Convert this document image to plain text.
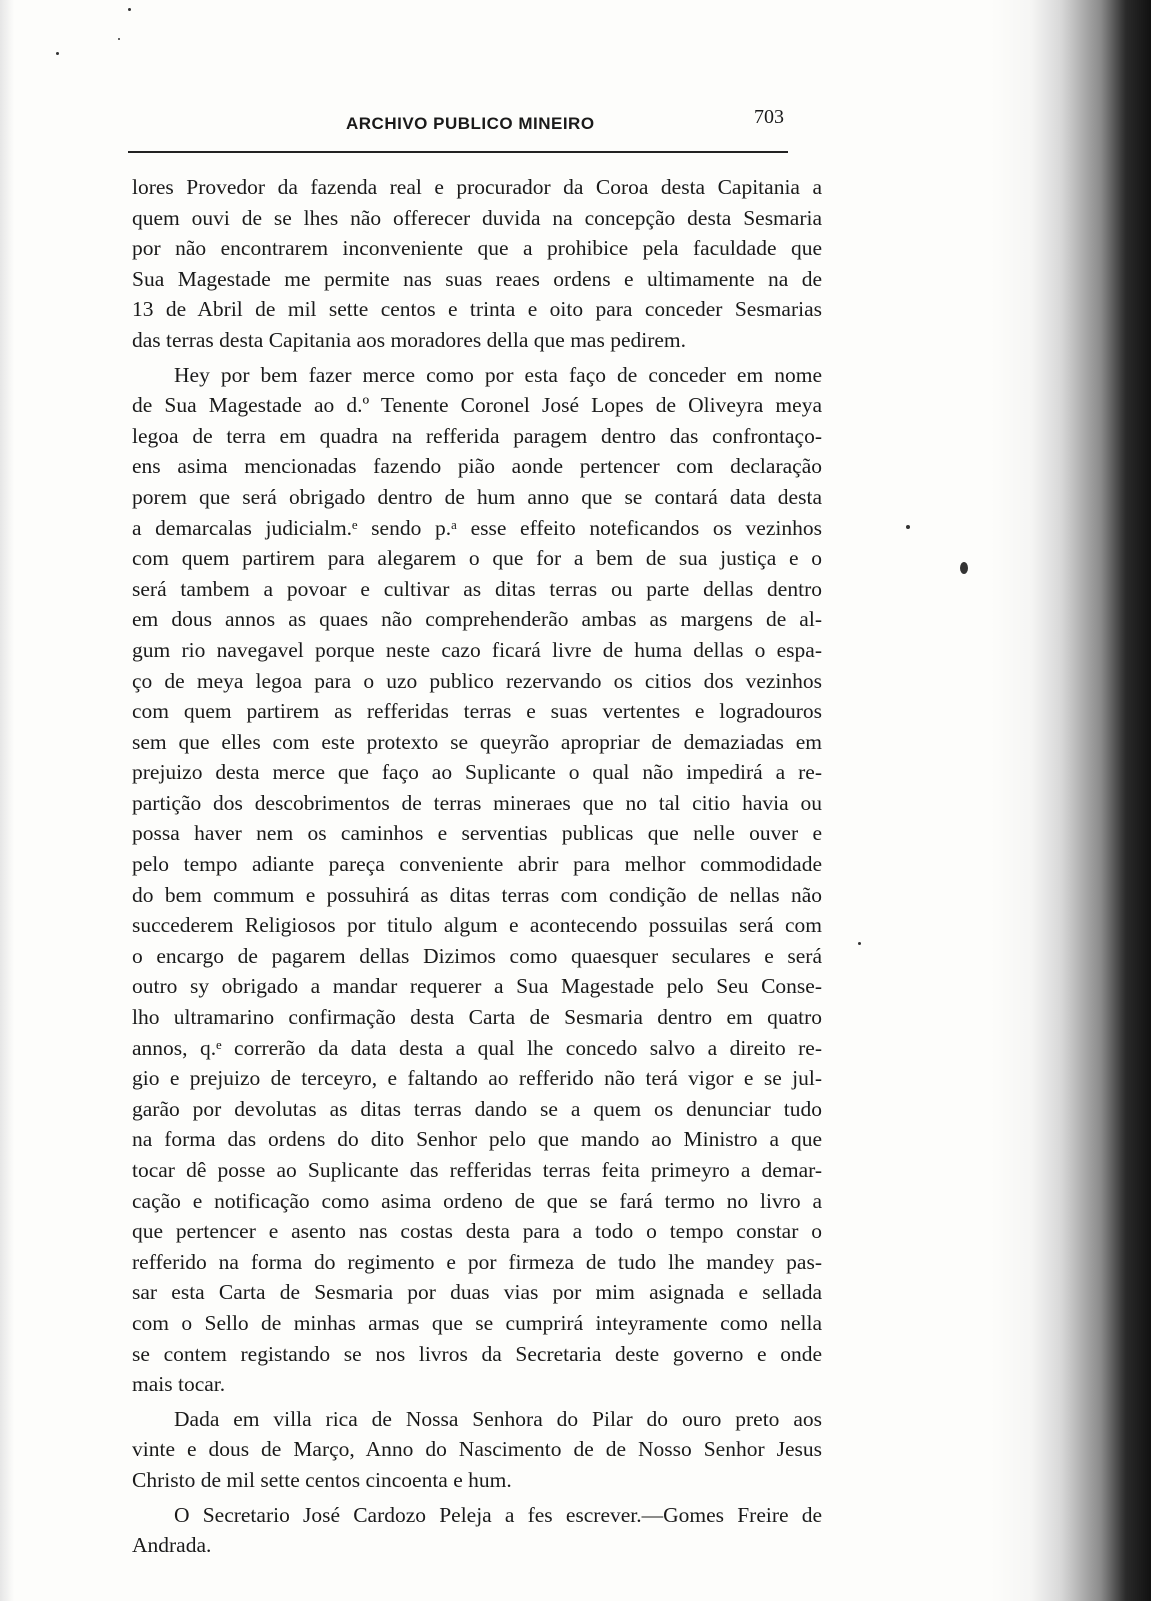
ARCHIVO PUBLICO MINEIRO	703
lores Provedor da fazenda real e procurador da Corоa desta Capitania a
quem ouvi de se lhes não offerecer duvida na concepção desta Sesmaria
por não encontrarem inconveniente que a prohibice pela faculdade que
Sua Magestade me permite nas suas reaes ordens e ultimamente na de
13 de Abril de mil sette centos e trinta e oito para conceder Sesmarias
das terras desta Capitania aos moradores della que mas pedirem.
Hey por bem fazer merce como por esta faço de conceder em nome
de Sua Magestade ao d.º Tenente Coronel José Lopes de Oliveyra meya
legoa de terra em quadra na refferida paragem dentro das confrontaço-
ens asima mencionadas fazendo pião aonde pertencer com declaração
porem que será obrigado dentro de hum anno que se contará data desta
a demarcalas judicialm.ᵉ sendo p.ᵃ esse effeito noteficandos os vezinhos
com quem partirem para alegarem o que for a bem de sua justiça e o
será tambem a povoar e cultivar as ditas terras ou parte dellas dentro
em dous annos as quaes não comprehenderão ambas as margens de al-
gum rio navegavel porque neste cazo ficará livre de huma dellas o espa-
ço de meya legoa para o uzo publico rezervando os citios dos vezinhos
com quem partirem as refferidas terras e suas vertentes e logradouros
sem que elles com este protexto se queyrão apropriar de demaziadas em
prejuizo desta merce que faço ao Suplicante o qual não impedirá a re-
partição dos descobrimentos de terras mineraes que no tal citio havia ou
possa haver nem os caminhos e serventias publicas que nelle ouver e
pelo tempo adiante pareça conveniente abrir para melhor commodidade
do bem commum e possuhirá as ditas terras com condição de nellas não
succederem Religiosos por titulo algum e acontecendo possuilas será com
o encargo de pagarem dellas Dizimos como quaesquer seculares e será
outro sy obrigado a mandar requerer a Sua Magestade pelo Seu Conse-
lho ultramarino confirmação desta Carta de Sesmaria dentro em quatro
annos, q.ᵉ correrão da data desta a qual lhe concedo salvo a direito re-
gio e prejuizo de terceyro, e faltando ao refferido não terá vigor e se jul-
garão por devolutas as ditas terras dando se a quem os denunciar tudo
na forma das ordens do dito Senhor pelo que mando ao Ministro a que
tocar dê posse ao Suplicante das refferidas terras feita primeyro a demar-
cação e notificação como asima ordeno de que se fará termo no livro a
que pertencer e asento nas costas desta para a todo o tempo constar o
refferido na forma do regimento e por firmeza de tudo lhe mandey pas-
sar esta Carta de Sesmaria por duas vias por mim asignada e sellada
com o Sello de minhas armas que se cumprirá inteyramente como nella
se contem registando se nos livros da Secretaria deste governo e onde
mais tocar.
Dada em villa rica de Nossa Senhora do Pilar do ouro preto aos
vinte e dous de Março, Anno do Nascimento de de Nosso Senhor Jesus
Christo de mil sette centos cincoenta e hum.
O Secretario José Cardozo Peleja a fes escrever.—Gomes Freire de
Andrada.
